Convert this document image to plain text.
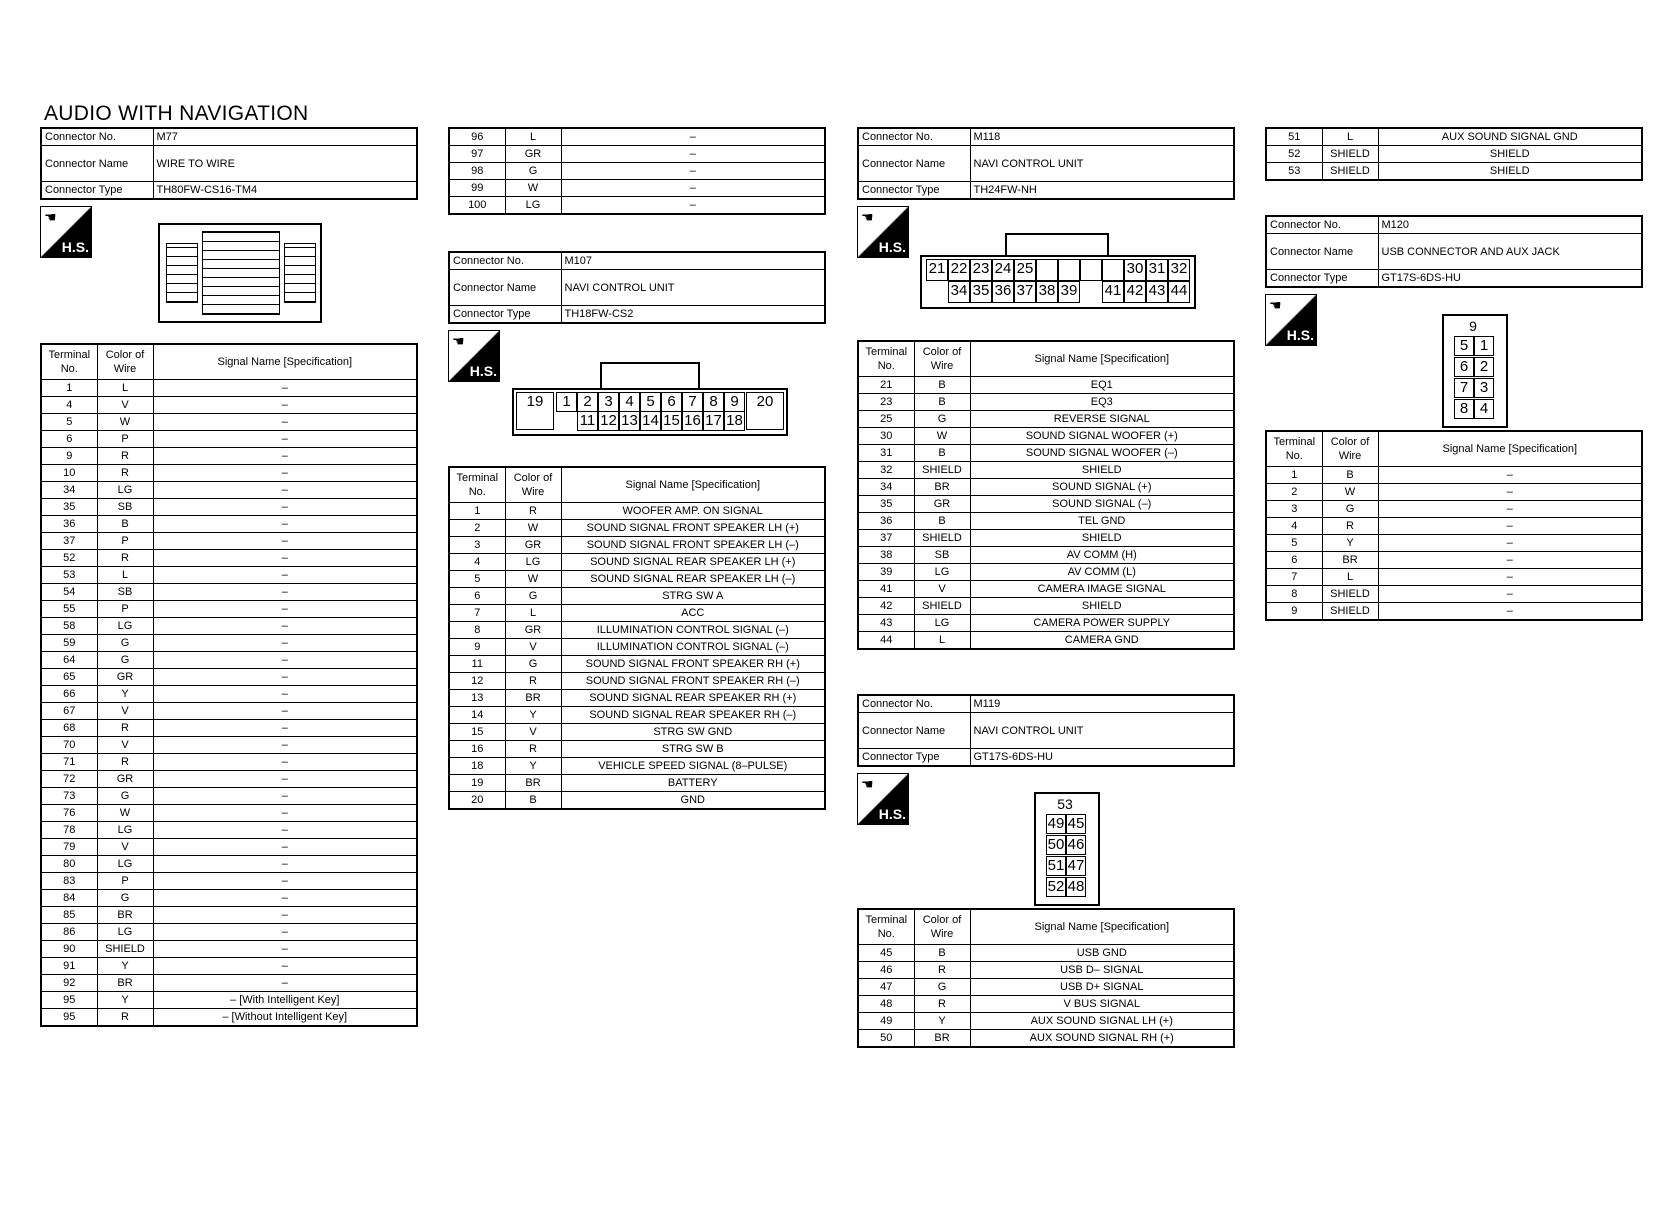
AUDIO WITH NAVIGATION
Connector No.	M77
Connector Name	WIRE TO WIRE
Connector Type	TH80FW-CS16-TM4
☚
H.S.
Terminal No.	Color of Wire	Signal Name [Specification]
1	L	–
4	V	–
5	W	–
6	P	–
9	R	–
10	R	–
34	LG	–
35	SB	–
36	B	–
37	P	–
52	R	–
53	L	–
54	SB	–
55	P	–
58	LG	–
59	G	–
64	G	–
65	GR	–
66	Y	–
67	V	–
68	R	–
70	V	–
71	R	–
72	GR	–
73	G	–
76	W	–
78	LG	–
79	V	–
80	LG	–
83	P	–
84	G	–
85	BR	–
86	LG	–
90	SHIELD	–
91	Y	–
92	BR	–
95	Y	– [With Intelligent Key]
95	R	– [Without Intelligent Key]
96	L	–
97	GR	–
98	G	–
99	W	–
100	LG	–
Connector No.	M107
Connector Name	NAVI CONTROL UNIT
Connector Type	TH18FW-CS2
☚
H.S.
19	1 2 3 4 5 6 7 8 9
11 12 13 14 15 16 17 18
20
Terminal No.	Color of Wire	Signal Name [Specification]
1	R	WOOFER AMP. ON SIGNAL
2	W	SOUND SIGNAL FRONT SPEAKER LH (+)
3	GR	SOUND SIGNAL FRONT SPEAKER LH (–)
4	LG	SOUND SIGNAL REAR SPEAKER LH (+)
5	W	SOUND SIGNAL REAR SPEAKER LH (–)
6	G	STRG SW A
7	L	ACC
8	GR	ILLUMINATION CONTROL SIGNAL (–)
9	V	ILLUMINATION CONTROL SIGNAL (–)
11	G	SOUND SIGNAL FRONT SPEAKER RH (+)
12	R	SOUND SIGNAL FRONT SPEAKER RH (–)
13	BR	SOUND SIGNAL REAR SPEAKER RH (+)
14	Y	SOUND SIGNAL REAR SPEAKER RH (–)
15	V	STRG SW GND
16	R	STRG SW B
18	Y	VEHICLE SPEED SIGNAL (8–PULSE)
19	BR	BATTERY
20	B	GND
Connector No.	M118
Connector Name	NAVI CONTROL UNIT
Connector Type	TH24FW-NH
☚
H.S.
21 22 23 24 25	30 31 32
34 35 36 37 38 39 41 42 43 44
Terminal No.	Color of Wire	Signal Name [Specification]
21	B	EQ1
23	B	EQ3
25	G	REVERSE SIGNAL
30	W	SOUND SIGNAL WOOFER (+)
31	B	SOUND SIGNAL WOOFER (–)
32	SHIELD	SHIELD
34	BR	SOUND SIGNAL (+)
35	GR	SOUND SIGNAL (–)
36	B	TEL GND
37	SHIELD	SHIELD
38	SB	AV COMM (H)
39	LG	AV COMM (L)
41	V	CAMERA IMAGE SIGNAL
42	SHIELD	SHIELD
43	LG	CAMERA POWER SUPPLY
44	L	CAMERA GND
Connector No.	M119
Connector Name	NAVI CONTROL UNIT
Connector Type	GT17S-6DS-HU
☚
H.S.
53
49 45
50 46
51 47
52 48
Terminal No.	Color of Wire	Signal Name [Specification]
45	B	USB GND
46	R	USB D– SIGNAL
47	G	USB D+ SIGNAL
48	R	V BUS SIGNAL
49	Y	AUX SOUND SIGNAL LH (+)
50	BR	AUX SOUND SIGNAL RH (+)
51	L	AUX SOUND SIGNAL GND
52	SHIELD	SHIELD
53	SHIELD	SHIELD
Connector No.	M120
Connector Name	USB CONNECTOR AND AUX JACK
Connector Type	GT17S-6DS-HU
☚
H.S.
9
5 1
6 2
7 3
8 4
Terminal No.	Color of Wire	Signal Name [Specification]
1	B	–
2	W	–
3	G	–
4	R	–
5	Y	–
6	BR	–
7	L	–
8	SHIELD	–
9	SHIELD	–
